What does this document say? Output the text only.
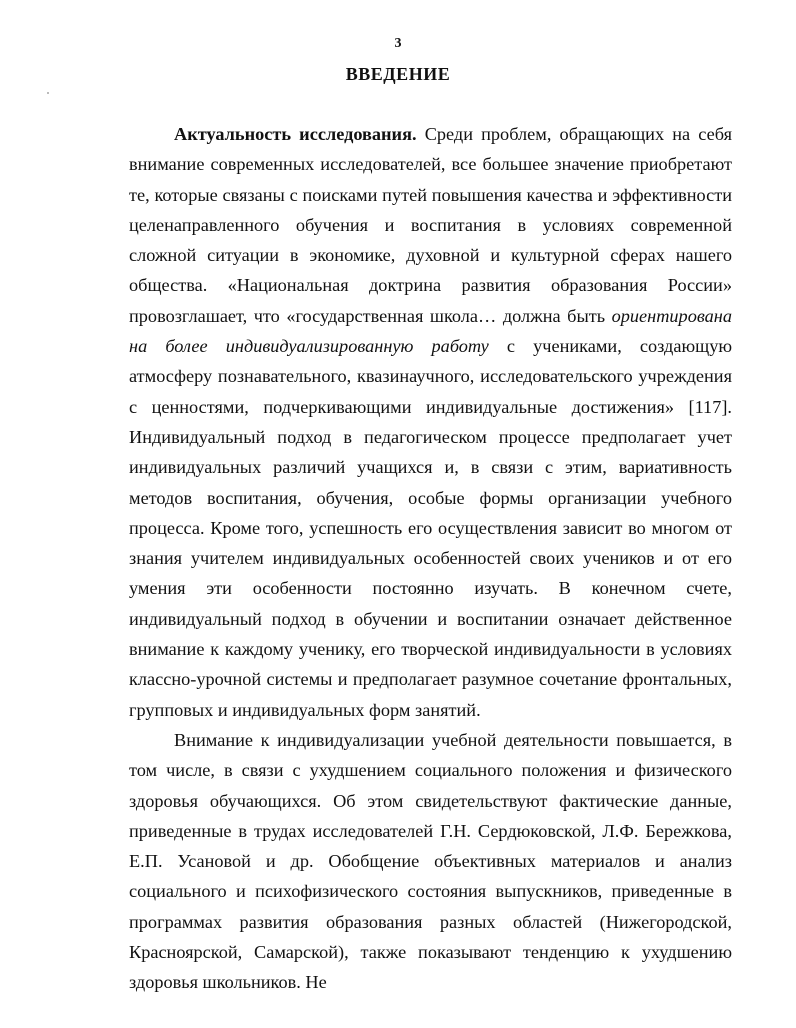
3
ВВЕДЕНИЕ

Актуальность исследования. Среди проблем, обращающих на себя внимание современных исследователей, все большее значение приобретают те, которые связаны с поисками путей повышения качества и эффективности целенаправленного обучения и воспитания в условиях современной сложной ситуации в экономике, духовной и культурной сферах нашего общества. «Национальная доктрина развития образования России» провозглашает, что «государственная школа… должна быть ориентирована на более индивидуализированную работу с учениками, создающую атмосферу познавательного, квазинаучного, исследовательского учреждения с ценностями, подчеркивающими индивидуальные достижения» [117]. Индивидуальный подход в педагогическом процессе предполагает учет индивидуальных различий учащихся и, в связи с этим, вариативность методов воспитания, обучения, особые формы организации учебного процесса. Кроме того, успешность его осуществления зависит во многом от знания учителем индивидуальных особенностей своих учеников и от его умения эти особенности постоянно изучать. В конечном счете, индивидуальный подход в обучении и воспитании означает действенное внимание к каждому ученику, его творческой индивидуальности в условиях классно-урочной системы и предполагает разумное сочетание фронтальных, групповых и индивидуальных форм занятий.

Внимание к индивидуализации учебной деятельности повышается, в том числе, в связи с ухудшением социального положения и физического здоровья обучающихся. Об этом свидетельствуют фактические данные, приведенные в трудах исследователей Г.Н. Сердюковской, Л.Ф. Бережкова, Е.П. Усановой и др. Обобщение объективных материалов и анализ социального и психофизического состояния выпускников, приведенные в программах развития образования разных областей (Нижегородской, Красноярской, Самарской), также показывают тенденцию к ухудшению здоровья школьников. Не
